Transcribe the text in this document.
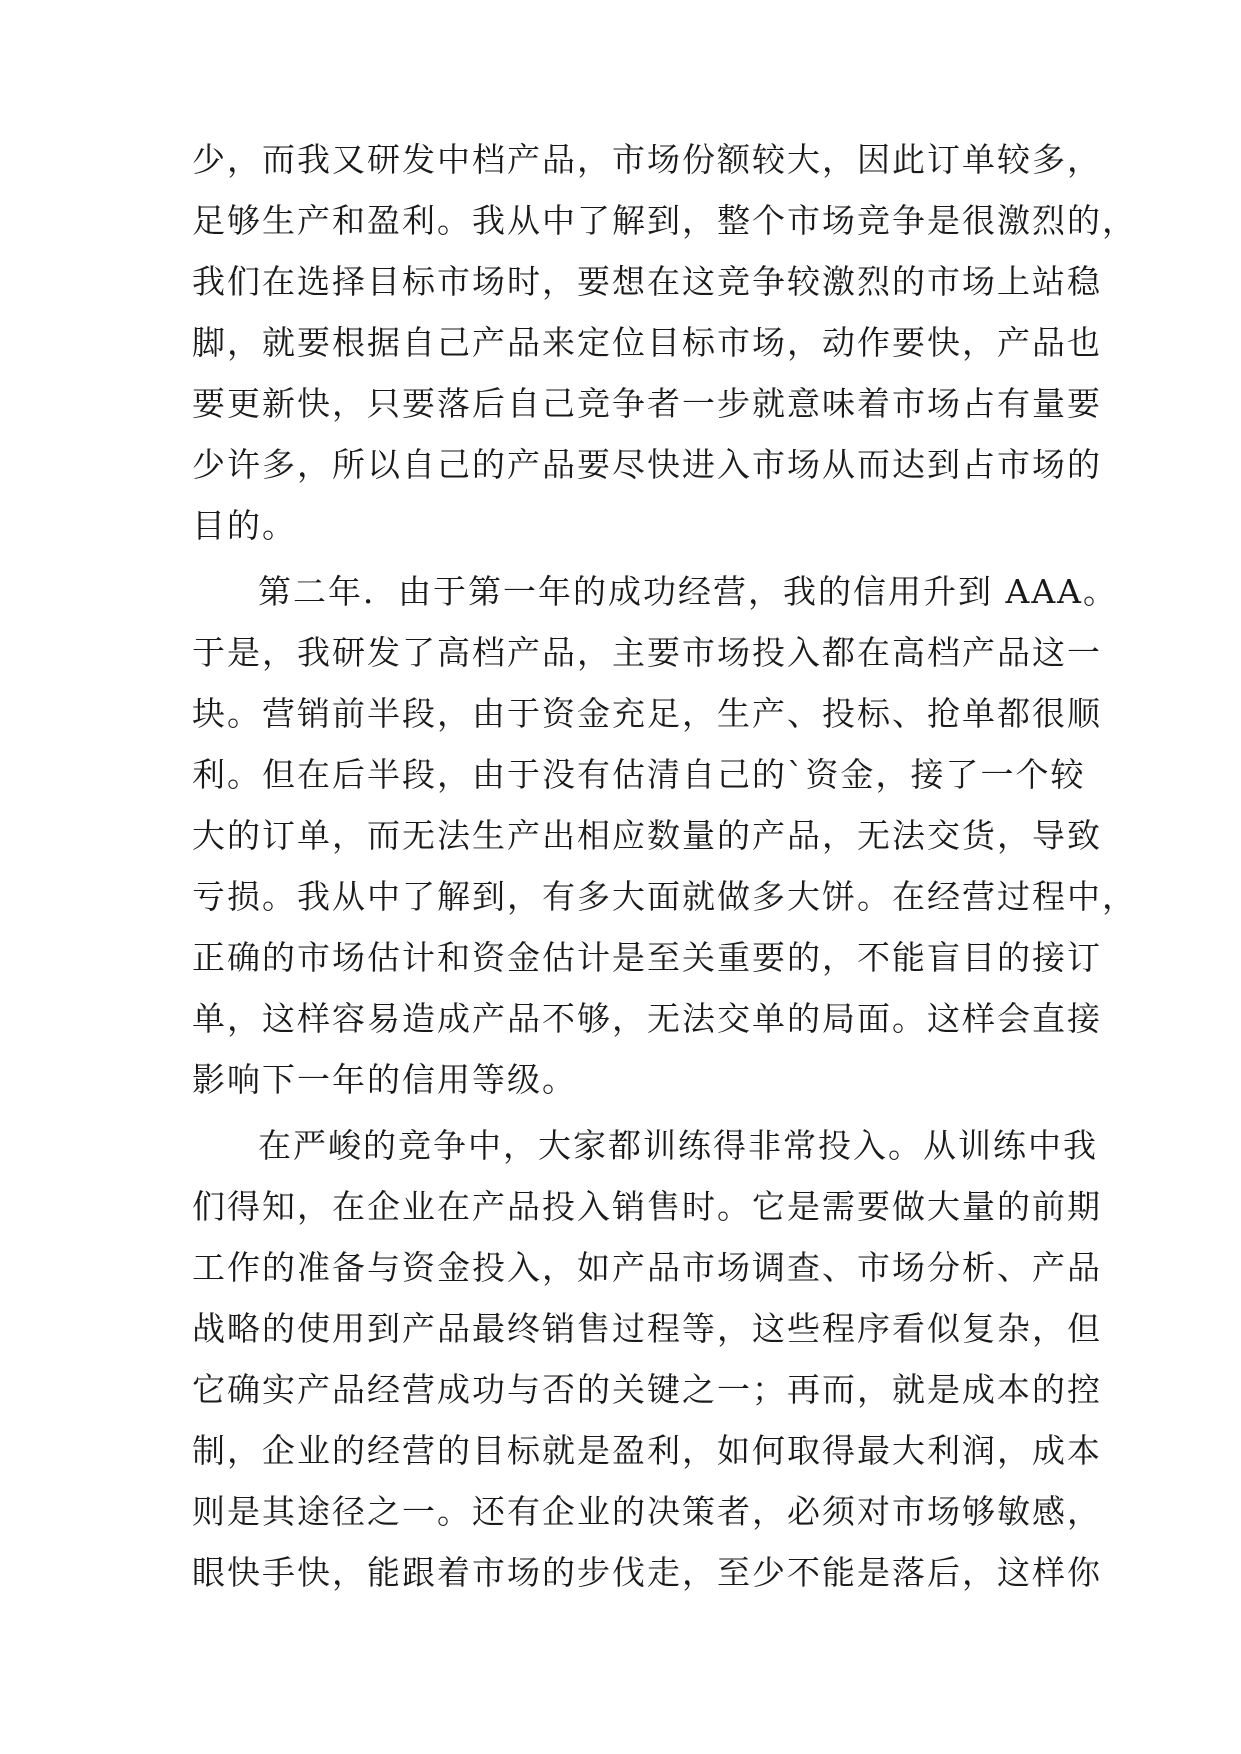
少，而我又研发中档产品，市场份额较大，因此订单较多，
足够生产和盈利。我从中了解到，整个市场竞争是很激烈的，
我们在选择目标市场时，要想在这竞争较激烈的市场上站稳
脚，就要根据自己产品来定位目标市场，动作要快，产品也
要更新快，只要落后自己竞争者一步就意味着市场占有量要
少许多，所以自己的产品要尽快进入市场从而达到占市场的
目的。
第二年．由于第一年的成功经营，我的信用升到 AAA。
于是，我研发了高档产品，主要市场投入都在高档产品这一
块。营销前半段，由于资金充足，生产、投标、抢单都很顺
利。但在后半段，由于没有估清自己的`资金，接了一个较
大的订单，而无法生产出相应数量的产品，无法交货，导致
亏损。我从中了解到，有多大面就做多大饼。在经营过程中，
正确的市场估计和资金估计是至关重要的，不能盲目的接订
单，这样容易造成产品不够，无法交单的局面。这样会直接
影响下一年的信用等级。
在严峻的竞争中，大家都训练得非常投入。从训练中我
们得知，在企业在产品投入销售时。它是需要做大量的前期
工作的准备与资金投入，如产品市场调查、市场分析、产品
战略的使用到产品最终销售过程等，这些程序看似复杂，但
它确实产品经营成功与否的关键之一；再而，就是成本的控
制，企业的经营的目标就是盈利，如何取得最大利润，成本
则是其途径之一。还有企业的决策者，必须对市场够敏感，
眼快手快，能跟着市场的步伐走，至少不能是落后，这样你
